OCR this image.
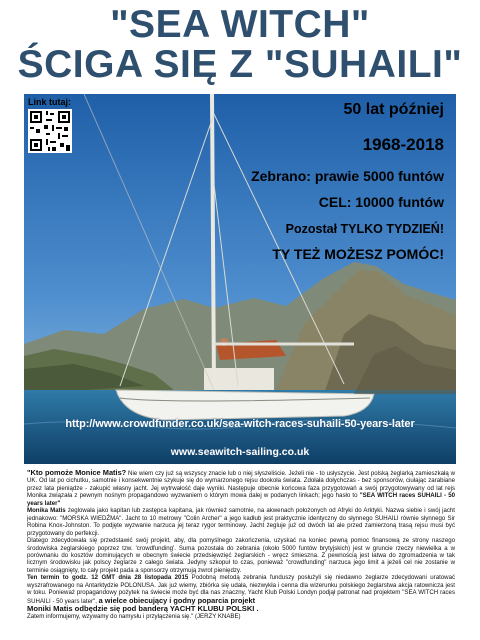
"SEA WITCH"
ŚCIGA SIĘ Z "SUHAILI"
Link tutaj:	50 lat później
1968-2018
Zebrano: prawie 5000 funtów
CEL: 10000 funtów
Pozostał TYLKO TYDZIEŃ!
TY TEŻ MOŻESZ POMÓC!
http://www.crowdfunder.co.uk/sea-witch-races-suhaili-50-years-later
www.seawitch-sailing.co.uk

"Kto pomoże Monice Matis? Nie wiem czy już są wszyscy znacie lub o niej słyszeliście. Jeżeli nie - to usłyszycie. Jest polską żeglarką zamieszkałą w UK. Od lat po cichutku, samotnie i konsekwentnie szykuje się do wymarzonego rejsu dookoła świata. Zdołała dołychczas - bez sponsorów, ciułając zarabiane przez lata pieniądze - zakupić własny jacht. Jej wytrwałość daje wyniki. Następuje obecnie końcowa faza przygotowań a swój przygotowywany od lat rejs Monika związała z pewnym nośnym propagandowo wyzwaniem o którym mowa dalej w podanych linkach; jego hasło to "SEA WITCH races SUHAILI - 50 years later"

Monika Matis żeglowała jako kapitan lub zastępca kapitana, jak również samotnie, na akwenach położonych od Afryki do Arktyki. Nazwa siebie i swój jacht jednakowo: "MORSKA WIEDŹMA". Jacht to 10 metrowy "Colin Archer" a jego kadłub jest praktycznie identyczny do słynnego SUHAILI równie słynnego Sir Robina Knox-Johnston. To podjęte wyzwanie narzuca jej teraz rygor terminowy. Jacht żegluje już od dwóch lat ale przed zamierzoną trasą rejsu musi być przygotowany do perfekcji.

Dlatego zdecydowała się przedstawić swój projekt, aby, dla pomyślnego zakończenia, uzyskać na koniec pewną pomoc finansową ze strony naszego środowiska żeglarskiego poprzez tzw. 'crowdfunding'. Suma pozostała do zebrania (około 5000 funtów brytyjskich) jest w gruncie rzeczy niewielka a w porównaniu do kosztów dominujących w obecnym świecie przedsięwzięć żeglarskich - wręcz śmieszna. Z pewnością jest łatwa do zgromadzenia w tak licznym środowisku jak polscy żeglarze z całego świata. Jedyny szkopuł to czas, ponieważ "crowdfunding" narzuca jego limit a jeżeli cel nie zostanie w terminie osiągnięty, to cały projekt pada a sponsorzy otrzymują zwrot pieniędzy.

Ten termin to godz. 12 GMT dnia 28 listopada 2015 Podobną metodą zebrania funduszy posłużyli się niedawno żeglarze zdecydowani uratować wyszrafrowanego na Antarktydzie POLONUSA. Jak już wiemy, zbiórka się udała, niezwykła i cenna dla wizerunku polskiego żeglarstwa akcja ratownicza jest w toku. Ponieważ propagandowy pożytek na świecie może być dla nas znaczny, Yacht Klub Polski Londyn podjął patronat nad projektem "SEA WITCH races SUHAILI - 50 years later", a wielce obiecujący i godny poparcia projekt

Moniki Matis odbędzie się pod banderą YACHT KLUBU POLSKI .

Zatem informujemy, wzywamy do namysłu i przyłączenia się." (JERZY KNABE)
